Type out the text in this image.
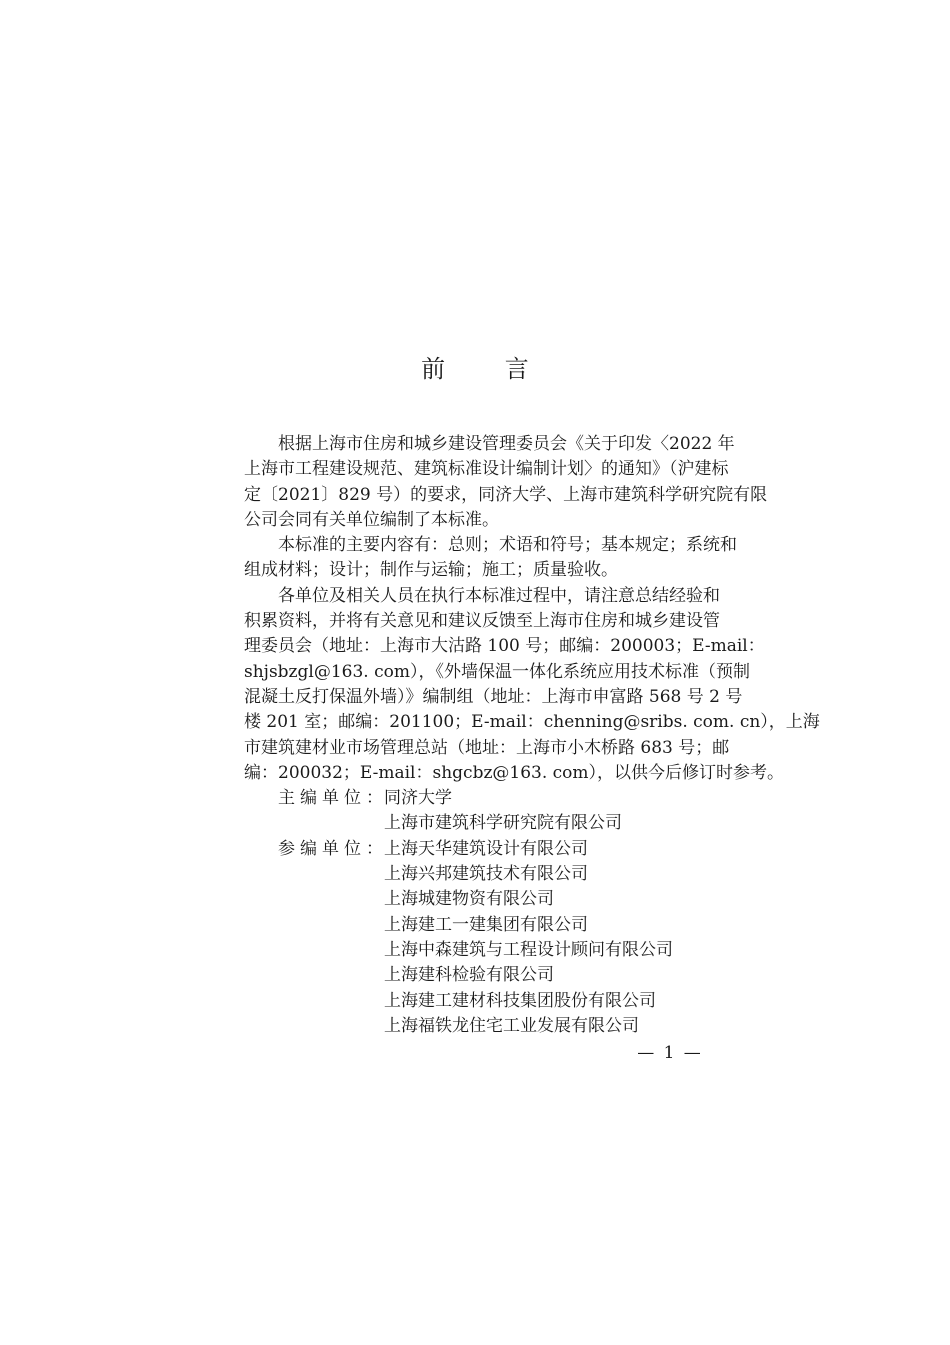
前 言

根据上海市住房和城乡建设管理委员会《关于印发〈2022 年
上海市工程建设规范、建筑标准设计编制计划〉的通知》（沪建标
定〔2021〕829 号）的要求，同济大学、上海市建筑科学研究院有限
公司会同有关单位编制了本标准。

本标准的主要内容有：总则；术语和符号；基本规定；系统和
组成材料；设计；制作与运输；施工；质量验收。

各单位及相关人员在执行本标准过程中，请注意总结经验和
积累资料，并将有关意见和建议反馈至上海市住房和城乡建设管
理委员会（地址：上海市大沽路 100 号；邮编：200003；E-mail：
shjsbzgl@163. com），《外墙保温一体化系统应用技术标准（预制
混凝土反打保温外墙）》编制组（地址：上海市申富路 568 号 2 号
楼 201 室；邮编：201100；E-mail：chenning@sribs. com. cn），上海
市建筑建材业市场管理总站（地址：上海市小木桥路 683 号；邮
编：200032；E-mail：shgcbz@163. com），以供今后修订时参考。

主 编 单 位 ： 同济大学
上海市建筑科学研究院有限公司
参 编 单 位 ： 上海天华建筑设计有限公司
上海兴邦建筑技术有限公司
上海城建物资有限公司
上海建工一建集团有限公司
上海中森建筑与工程设计顾问有限公司
上海建科检验有限公司
上海建工建材科技集团股份有限公司
上海福铁龙住宅工业发展有限公司
— 1 —
